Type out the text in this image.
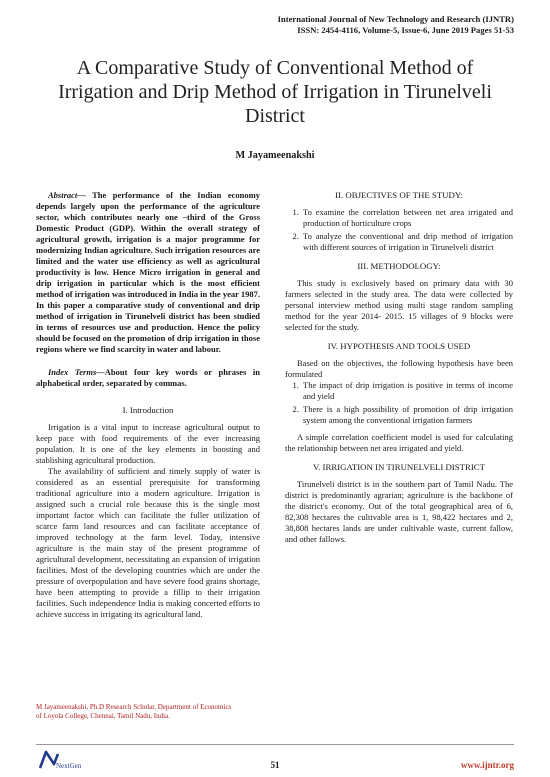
International Journal of New Technology and Research (IJNTR)
ISSN: 2454-4116, Volume-5, Issue-6, June 2019 Pages 51-53
A Comparative Study of Conventional Method of Irrigation and Drip Method of Irrigation in Tirunelveli District
M Jayameenakshi

Abstract— The performance of the Indian economy depends largely upon the performance of the agriculture sector, which contributes nearly one –third of the Gross Domestic Product (GDP). Within the overall strategy of agricultural growth, irrigation is a major programme for modernizing Indian agriculture. Such irrigation resources are limited and the water use efficiency as well as agricultural productivity is low. Hence Micro irrigation in general and drip irrigation in particular which is the most efficient method of irrigation was introduced in India in the year 1987. In this paper a comparative study of conventional and drip method of irrigation in Tirunelveli district has been studied in terms of resources use and production. Hence the policy should be focused on the promotion of drip irrigation in those regions where we find scarcity in water and labour.

Index Terms—About four key words or phrases in alphabetical order, separated by commas.

I. Introduction

Irrigation is a vital input to increase agricultural output to keep pace with food requirements of the ever increasing population. It is one of the key elements in boosting and stablishing agricultural production.

The availability of sufficient and timely supply of water is considered as an essential prerequisite for transforming traditional agriculture into a modern agriculture. Irrigation is assigned such a crucial role because this is the single most important factor which can facilitate the fuller utilization of scarce farm land resources and can facilitate acceptance of improved technology at the farm level. Today, intensive agriculture is the main stay of the present programme of agricultural development, necessitating an expansion of irrigation facilities. Most of the developing countries which are under the pressure of overpopulation and have severe food grains shortage, have been attempting to provide a fillip to their irrigation facilities. Such independence India is making concerted efforts to achieve success in irrigating its agricultural land.

II. OBJECTIVES OF THE STUDY:
1. To examine the correlation between net area irrigated and production of horticulture crops
2. To analyze the conventional and drip method of irrigation with different sources of irrigation in Tirunelveli district
III. METHODOLOGY:

This study is exclusively based on primary data with 30 farmers selected in the study area. The data were collected by personal interview method using multi stage random sampling method for the year 2014- 2015. 15 villages of 9 blocks were selected for the study.

IV. HYPOTHESIS AND TOOLS USED

Based on the objectives, the following hypothesis have been formulated

1. The impact of drip irrigation is positive in terms of income and yield
2. There is a high possibility of promotion of drip irrigation system among the conventional irrigation farmers

A simple correlation coefficient model is used for calculating the relationship between net area irrigated and yield.

V. IRRIGATION IN TIRUNELVELI DISTRICT

Tirunelveli district is in the southern part of Tamil Nadu. The district is predominantly agrarian; agriculture is the backbone of the district's economy. Out of the total geographical area of 6, 82,308 hectares the cultivable area is 1, 98,422 hectares and 2, 38,808 hectares lands are under cultivable waste, current fallow, and other fallows.

M Jayameenakshi, Ph.D Research Scholar, Department of Economics of Loyola College, Chennai, Tamil Nadu, India.
NextGen	51	www.ijntr.org
